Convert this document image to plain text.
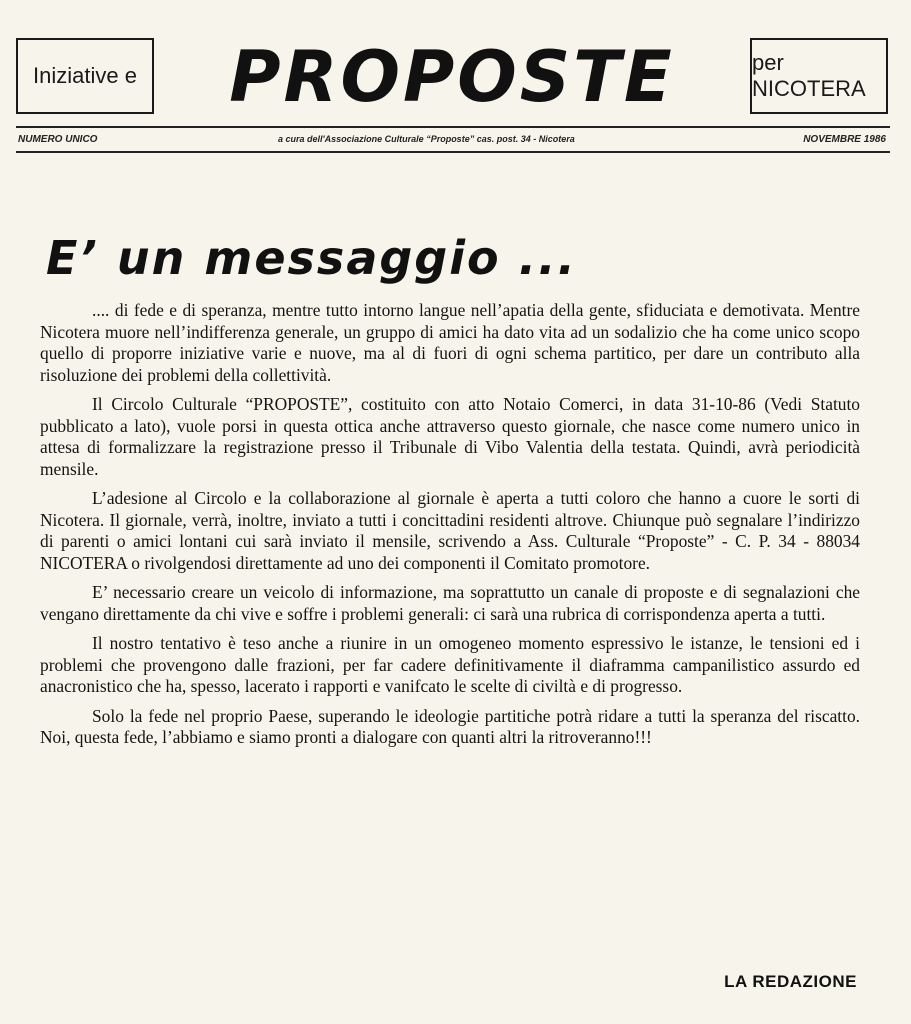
Iniziative e	PROPOSTE	per NICOTERA
NUMERO UNICO	a cura dell'Associazione Culturale “Proposte” cas. post. 34 - Nicotera	NOVEMBRE 1986
E’ un messaggio ...

.... di fede e di speranza, mentre tutto intorno langue nell’apatia della gente, sfiduciata e demotivata. Mentre Nicotera muore nell’indifferenza generale, un gruppo di amici ha dato vita ad un sodalizio che ha come unico scopo quello di proporre iniziative varie e nuove, ma al di fuori di ogni schema partitico, per dare un contributo alla risoluzione dei problemi della collettività.

Il Circolo Culturale “PROPOSTE”, costituito con atto Notaio Comerci, in data 31-10-86 (Vedi Statuto pubblicato a lato), vuole porsi in questa ottica anche attraverso questo giornale, che nasce come numero unico in attesa di formalizzare la registrazione presso il Tribunale di Vibo Valentia della testata. Quindi, avrà periodicità mensile.

L’adesione al Circolo e la collaborazione al giornale è aperta a tutti coloro che hanno a cuore le sorti di Nicotera. Il giornale, verrà, inoltre, inviato a tutti i concittadini residenti altrove. Chiunque può segnalare l’indirizzo di parenti o amici lontani cui sarà inviato il mensile, scrivendo a Ass. Culturale “Proposte” - C. P. 34 - 88034 NICOTERA o rivolgendosi direttamente ad uno dei componenti il Comitato promotore.

E’ necessario creare un veicolo di informazione, ma soprattutto un canale di proposte e di segnalazioni che vengano direttamente da chi vive e soffre i problemi generali: ci sarà una rubrica di corrispondenza aperta a tutti.

Il nostro tentativo è teso anche a riunire in un omogeneo momento espressivo le istanze, le tensioni ed i problemi che provengono dalle frazioni, per far cadere definitivamente il diaframma campanilistico assurdo ed anacronistico che ha, spesso, lacerato i rapporti e vanifcato le scelte di civiltà e di progresso.

Solo la fede nel proprio Paese, superando le ideologie partitiche potrà ridare a tutti la speranza del riscatto. Noi, questa fede, l’abbiamo e siamo pronti a dialogare con quanti altri la ritroveranno!!!

LA REDAZIONE
